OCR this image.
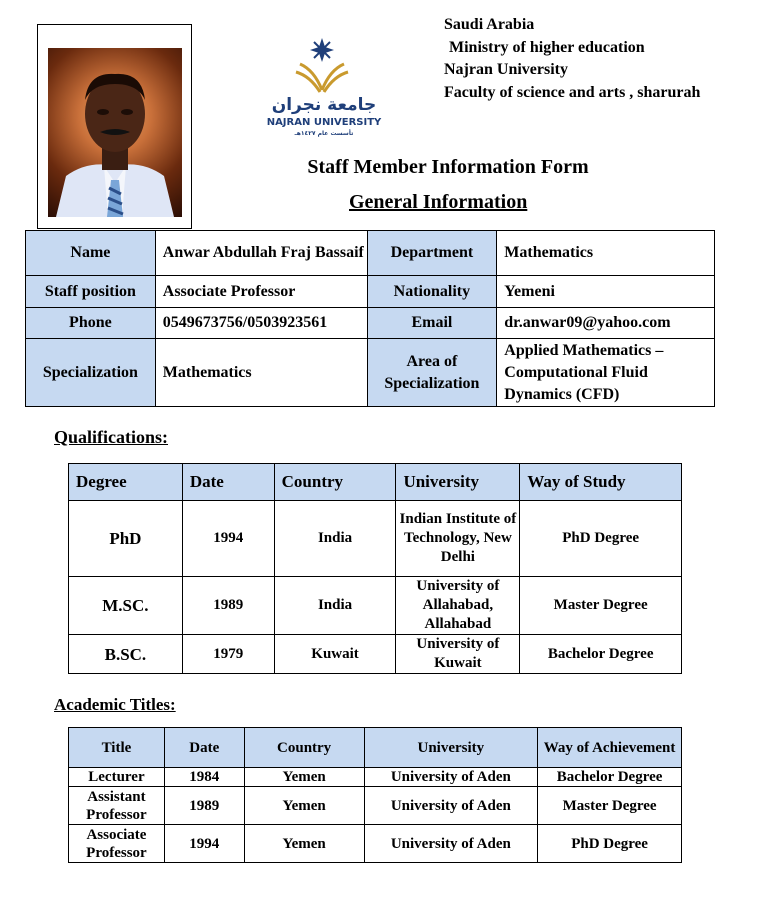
جامعة نجران
NAJRAN UNIVERSITY
تأسست عام ١٤٢٧هـ
Saudi Arabia
Ministry of higher education
Najran University
Faculty of science and arts , sharurah
Staff Member Information Form
General Information
Name	Anwar Abdullah Fraj Bassaif	Department	Mathematics
Staff position	Associate Professor	Nationality	Yemeni
Phone	0549673756/0503923561	Email	dr.anwar09@yahoo.com
Specialization	Mathematics	Area of Specialization	Applied Mathematics – Computational Fluid Dynamics (CFD)
Qualifications:
Degree	Date	Country	University	Way of Study
PhD	1994	India	Indian Institute of Technology, New Delhi	PhD Degree
M.SC.	1989	India	University of Allahabad, Allahabad	Master Degree
B.SC.	1979	Kuwait	University of Kuwait	Bachelor Degree
Academic Titles:
Title	Date	Country	University	Way of Achievement
Lecturer	1984	Yemen	University of Aden	Bachelor Degree
Assistant Professor	1989	Yemen	University of Aden	Master Degree
Associate Professor	1994	Yemen	University of Aden	PhD Degree
